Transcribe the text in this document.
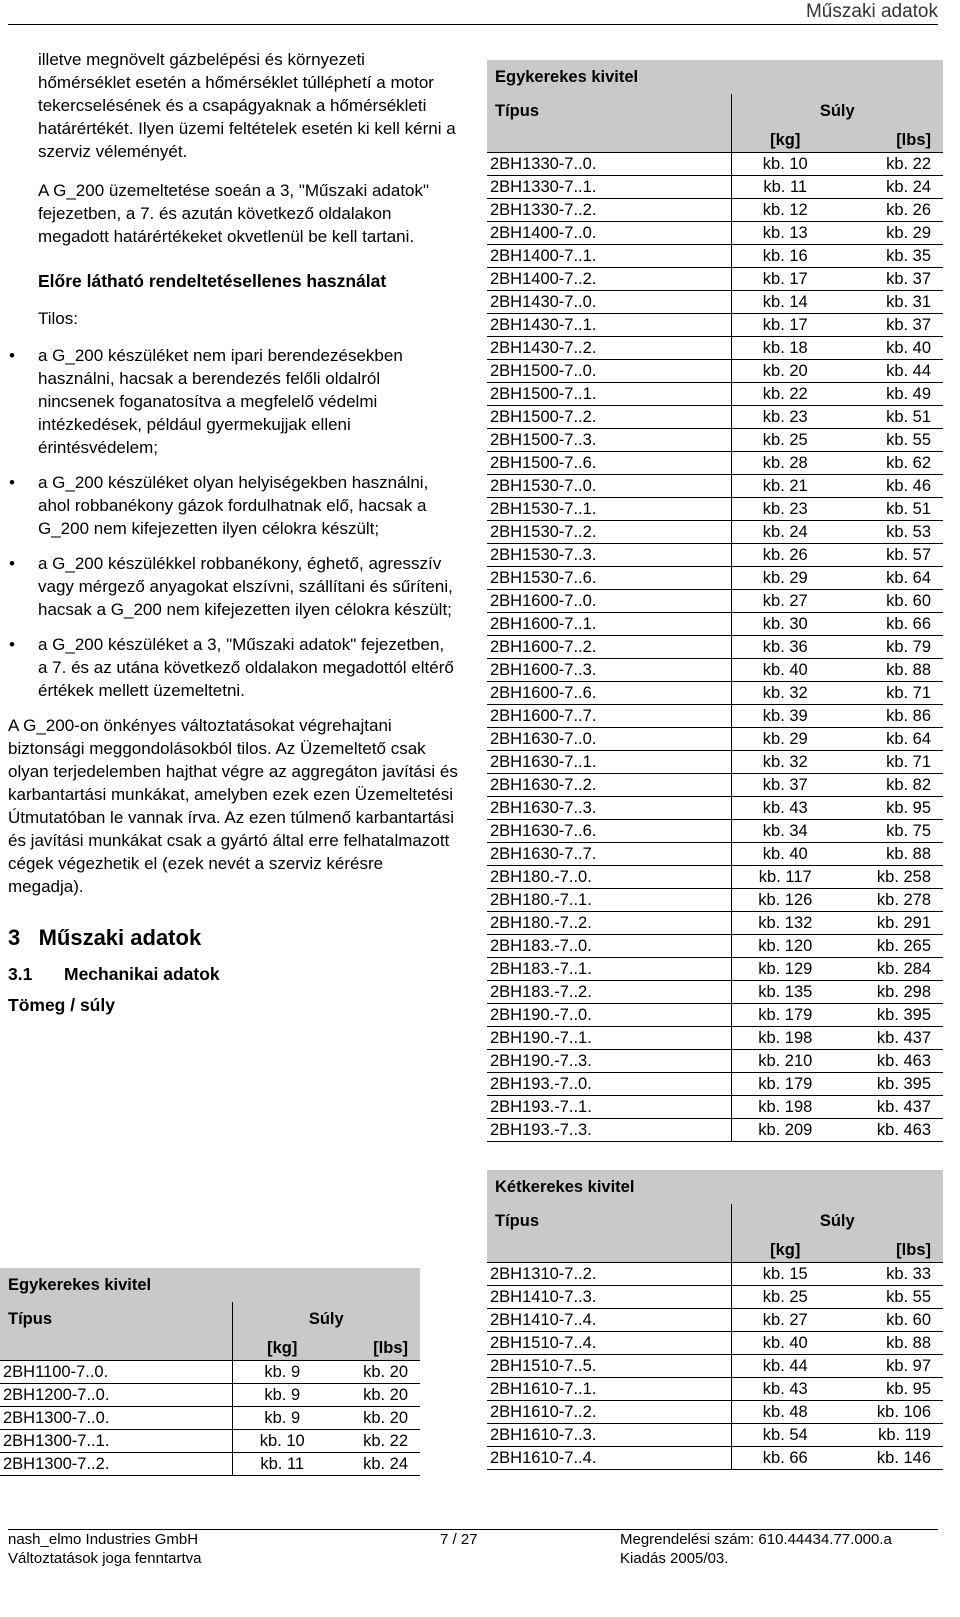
Műszaki adatok

illetve megnövelt gázbelépési és környezeti hőmérséklet esetén a hőmérséklet túlléphetí a motor tekercselésének és a csapágyaknak a hőmérsékleti határértékét. Ilyen üzemi feltételek esetén ki kell kérni a szerviz véleményét.

A G_200 üzemeltetése soeán a 3, "Műszaki adatok" fejezetben, a 7. és azután következő oldalakon megadott határértékeket okvetlenül be kell tartani.

Előre látható rendeltetésellenes használat

Tilos:

• a G_200 készüléket nem ipari berendezésekben használni, hacsak a berendezés felőli oldalról nincsenek foganatosítva a megfelelő védelmi intézkedések, például gyermekujjak elleni érintésvédelem;
• a G_200 készüléket olyan helyiségekben használni, ahol robbanékony gázok fordulhatnak elő, hacsak a G_200 nem kifejezetten ilyen célokra készült;
• a G_200 készülékkel robbanékony, éghető, agresszív vagy mérgező anyagokat elszívni, szállítani és sűríteni, hacsak a G_200 nem kifejezetten ilyen célokra készült;
• a G_200 készüléket a 3, "Műszaki adatok" fejezetben, a 7. és az utána következő oldalakon megadottól eltérő értékek mellett üzemeltetni.

A G_200-on önkényes változtatásokat végrehajtani biztonsági meggondolásokból tilos. Az Üzemeltető csak olyan terjedelemben hajthat végre az aggregáton javítási és karbantartási munkákat, amelyben ezek ezen Üzemeltetési Útmutatóban le vannak írva. Az ezen túlmenő karbantartási és javítási munkákat csak a gyártó által erre felhatalmazott cégek végezhetik el (ezek nevét a szerviz kérésre megadja).

3   Műszaki adatok

3.1 Mechanikai adatok

Tömeg / súly

Egykerekes kivitel		
Típus	Súly	
	[kg]	[lbs]
2BH1100-7..0.	kb. 9	kb. 20
2BH1200-7..0.	kb. 9	kb. 20
2BH1300-7..0.	kb. 9	kb. 20
2BH1300-7..1.	kb. 10	kb. 22
2BH1300-7..2.	kb. 11	kb. 24
Egykerekes kivitel		
Típus	Súly	
	[kg]	[lbs]
2BH1330-7..0.	kb. 10	kb. 22
2BH1330-7..1.	kb. 11	kb. 24
2BH1330-7..2.	kb. 12	kb. 26
2BH1400-7..0.	kb. 13	kb. 29
2BH1400-7..1.	kb. 16	kb. 35
2BH1400-7..2.	kb. 17	kb. 37
2BH1430-7..0.	kb. 14	kb. 31
2BH1430-7..1.	kb. 17	kb. 37
2BH1430-7..2.	kb. 18	kb. 40
2BH1500-7..0.	kb. 20	kb. 44
2BH1500-7..1.	kb. 22	kb. 49
2BH1500-7..2.	kb. 23	kb. 51
2BH1500-7..3.	kb. 25	kb. 55
2BH1500-7..6.	kb. 28	kb. 62
2BH1530-7..0.	kb. 21	kb. 46
2BH1530-7..1.	kb. 23	kb. 51
2BH1530-7..2.	kb. 24	kb. 53
2BH1530-7..3.	kb. 26	kb. 57
2BH1530-7..6.	kb. 29	kb. 64
2BH1600-7..0.	kb. 27	kb. 60
2BH1600-7..1.	kb. 30	kb. 66
2BH1600-7..2.	kb. 36	kb. 79
2BH1600-7..3.	kb. 40	kb. 88
2BH1600-7..6.	kb. 32	kb. 71
2BH1600-7..7.	kb. 39	kb. 86
2BH1630-7..0.	kb. 29	kb. 64
2BH1630-7..1.	kb. 32	kb. 71
2BH1630-7..2.	kb. 37	kb. 82
2BH1630-7..3.	kb. 43	kb. 95
2BH1630-7..6.	kb. 34	kb. 75
2BH1630-7..7.	kb. 40	kb. 88
2BH180.-7..0.	kb. 117	kb. 258
2BH180.-7..1.	kb. 126	kb. 278
2BH180.-7..2.	kb. 132	kb. 291
2BH183.-7..0.	kb. 120	kb. 265
2BH183.-7..1.	kb. 129	kb. 284
2BH183.-7..2.	kb. 135	kb. 298
2BH190.-7..0.	kb. 179	kb. 395
2BH190.-7..1.	kb. 198	kb. 437
2BH190.-7..3.	kb. 210	kb. 463
2BH193.-7..0.	kb. 179	kb. 395
2BH193.-7..1.	kb. 198	kb. 437
2BH193.-7..3.	kb. 209	kb. 463
Kétkerekes kivitel		
Típus	Súly	
	[kg]	[lbs]
2BH1310-7..2.	kb. 15	kb. 33
2BH1410-7..3.	kb. 25	kb. 55
2BH1410-7..4.	kb. 27	kb. 60
2BH1510-7..4.	kb. 40	kb. 88
2BH1510-7..5.	kb. 44	kb. 97
2BH1610-7..1.	kb. 43	kb. 95
2BH1610-7..2.	kb. 48	kb. 106
2BH1610-7..3.	kb. 54	kb. 119
2BH1610-7..4.	kb. 66	kb. 146
nash_elmo Industries GmbH
Változtatások joga fenntartva
7 / 27	Megrendelési szám: 610.44434.77.000.a
Kiadás 2005/03.
